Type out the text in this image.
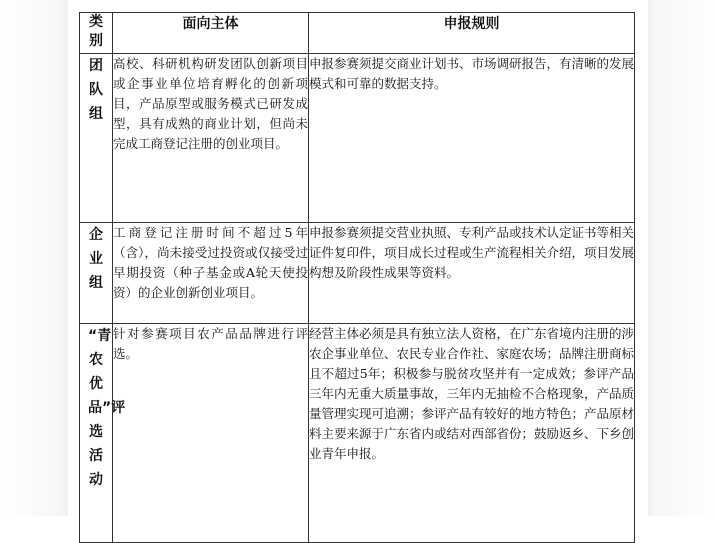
类别	面向主体	申报规则

团队组	高校、科研机构研发团队创新项目或企事业单位培育孵化的创新项目，产品原型或服务模式已研发成型，具有成熟的商业计划，但尚未完成工商登记注册的创业项目。	申报参赛须提交商业计划书、市场调研报告，有清晰的发展模式和可靠的数据支持。

企业组	工商登记注册时间不超过5年（含），尚未接受过投资或仅接受过早期投资（种子基金或A轮天使投资）的企业创新创业项目。	申报参赛须提交营业执照、专利产品或技术认定证书等相关证件复印件，项目成长过程或生产流程相关介绍，项目发展构想及阶段性成果等资料。

“青农优品”评选活动	针对参赛项目农产品品牌进行评选。	经营主体必须是具有独立法人资格，在广东省境内注册的涉农企事业单位、农民专业合作社、家庭农场；品牌注册商标且不超过5年；积极参与脱贫攻坚并有一定成效；参评产品三年内无重大质量事故，三年内无抽检不合格现象，产品质量管理实现可追溯；参评产品有较好的地方特色；产品原材料主要来源于广东省内或结对西部省份；鼓励返乡、下乡创业青年申报。
